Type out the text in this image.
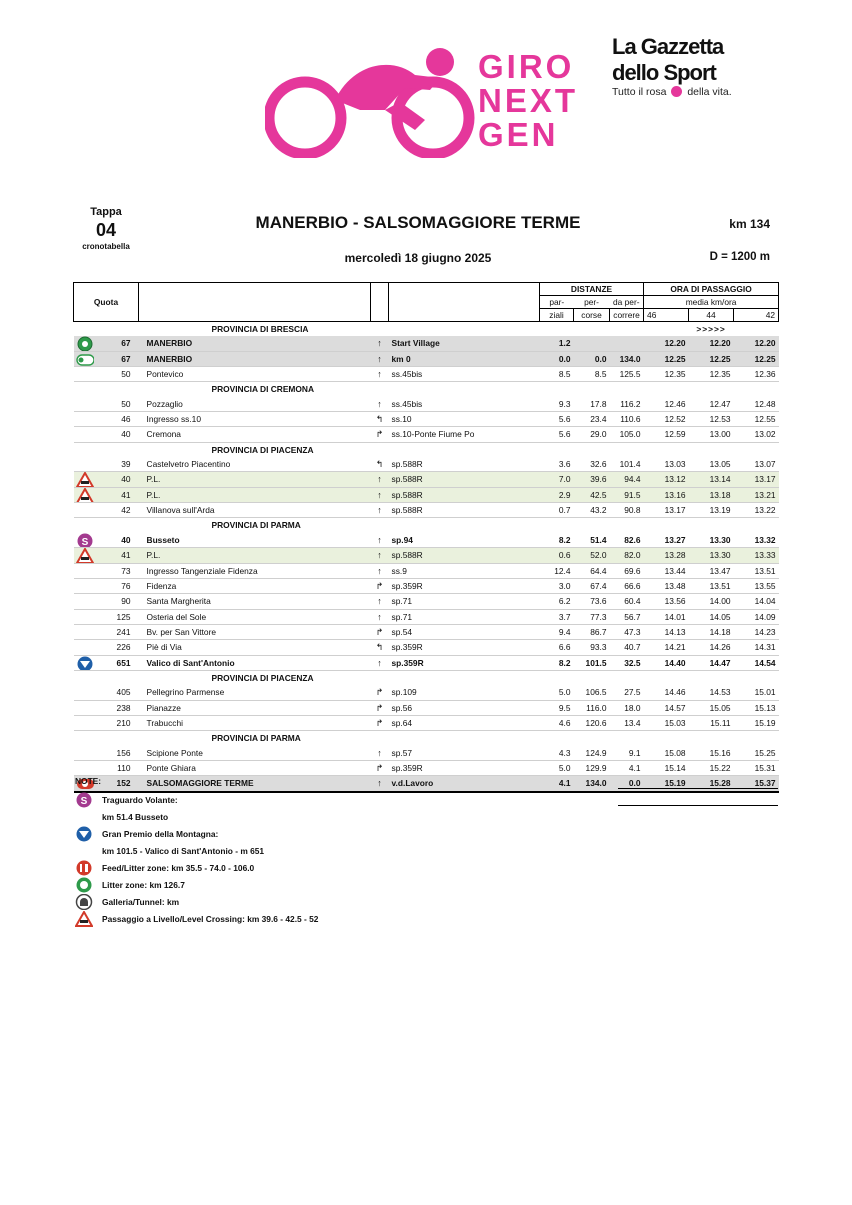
GIRO
NEXT
GEN
La Gazzetta dello Sport
Tutto il rosa della vita.
Tappa
04
cronotabella
MANERBIO - SALSOMAGGIORE TERME
mercoledì 18 giugno 2025
km 134
D = 1200 m
Quota					DISTANZE			ORA DI PASSAGGIO		
					par-	per-	da per-	media km/ora		
					ziali	corse	correre	46	44	42
PROVINCIA DI BRESCIA								>>>>>		

	67	MANERBIO	↑	Start Village	1.2			12.20	12.20	12.20

	67	MANERBIO	↑	km 0	0.0	0.0	134.0	12.25	12.25	12.25
	50	Pontevico	↑	ss.45bis	8.5	8.5	125.5	12.35	12.35	12.36
PROVINCIA DI CREMONA										
	50	Pozzaglio	↑	ss.45bis	9.3	17.8	116.2	12.46	12.47	12.48
	46	Ingresso ss.10	↰	ss.10	5.6	23.4	110.6	12.52	12.53	12.55
	40	Cremona	↱	ss.10-Ponte Fiume Po	5.6	29.0	105.0	12.59	13.00	13.02
PROVINCIA DI PIACENZA										
	39	Castelvetro Piacentino	↰	sp.588R	3.6	32.6	101.4	13.03	13.05	13.07

	40	P.L.	↑	sp.588R	7.0	39.6	94.4	13.12	13.14	13.17

	41	P.L.	↑	sp.588R	2.9	42.5	91.5	13.16	13.18	13.21
	42	Villanova sull'Arda	↑	sp.588R	0.7	43.2	90.8	13.17	13.19	13.22
PROVINCIA DI PARMA										

S	40	Busseto	↑	sp.94	8.2	51.4	82.6	13.27	13.30	13.32

	41	P.L.	↑	sp.588R	0.6	52.0	82.0	13.28	13.30	13.33
	73	Ingresso Tangenziale Fidenza	↑	ss.9	12.4	64.4	69.6	13.44	13.47	13.51
	76	Fidenza	↱	sp.359R	3.0	67.4	66.6	13.48	13.51	13.55
	90	Santa Margherita	↑	sp.71	6.2	73.6	60.4	13.56	14.00	14.04
	125	Osteria del Sole	↑	sp.71	3.7	77.3	56.7	14.01	14.05	14.09
	241	Bv. per San Vittore	↱	sp.54	9.4	86.7	47.3	14.13	14.18	14.23
	226	Piè di Via	↰	sp.359R	6.6	93.3	40.7	14.21	14.26	14.31

	651	Valico di Sant'Antonio	↑	sp.359R	8.2	101.5	32.5	14.40	14.47	14.54
PROVINCIA DI PIACENZA										
	405	Pellegrino Parmense	↱	sp.109	5.0	106.5	27.5	14.46	14.53	15.01
	238	Pianazze	↱	sp.56	9.5	116.0	18.0	14.57	15.05	15.13
	210	Trabucchi	↱	sp.64	4.6	120.6	13.4	15.03	15.11	15.19
PROVINCIA DI PARMA										
	156	Scipione Ponte	↑	sp.57	4.3	124.9	9.1	15.08	15.16	15.25
	110	Ponte Ghiara	↱	sp.359R	5.0	129.9	4.1	15.14	15.22	15.31

	152	SALSOMAGGIORE TERME	↑	v.d.Lavoro	4.1	134.0	0.0	15.19	15.28	15.37
NOTE:
S Traguardo Volante:
km 51.4 Busseto
Gran Premio della Montagna:
km 101.5 - Valico di Sant'Antonio - m 651
Feed/Litter zone: km 35.5 - 74.0 - 106.0
Litter zone: km 126.7
Galleria/Tunnel: km
Passaggio a Livello/Level Crossing: km 39.6 - 42.5 - 52
